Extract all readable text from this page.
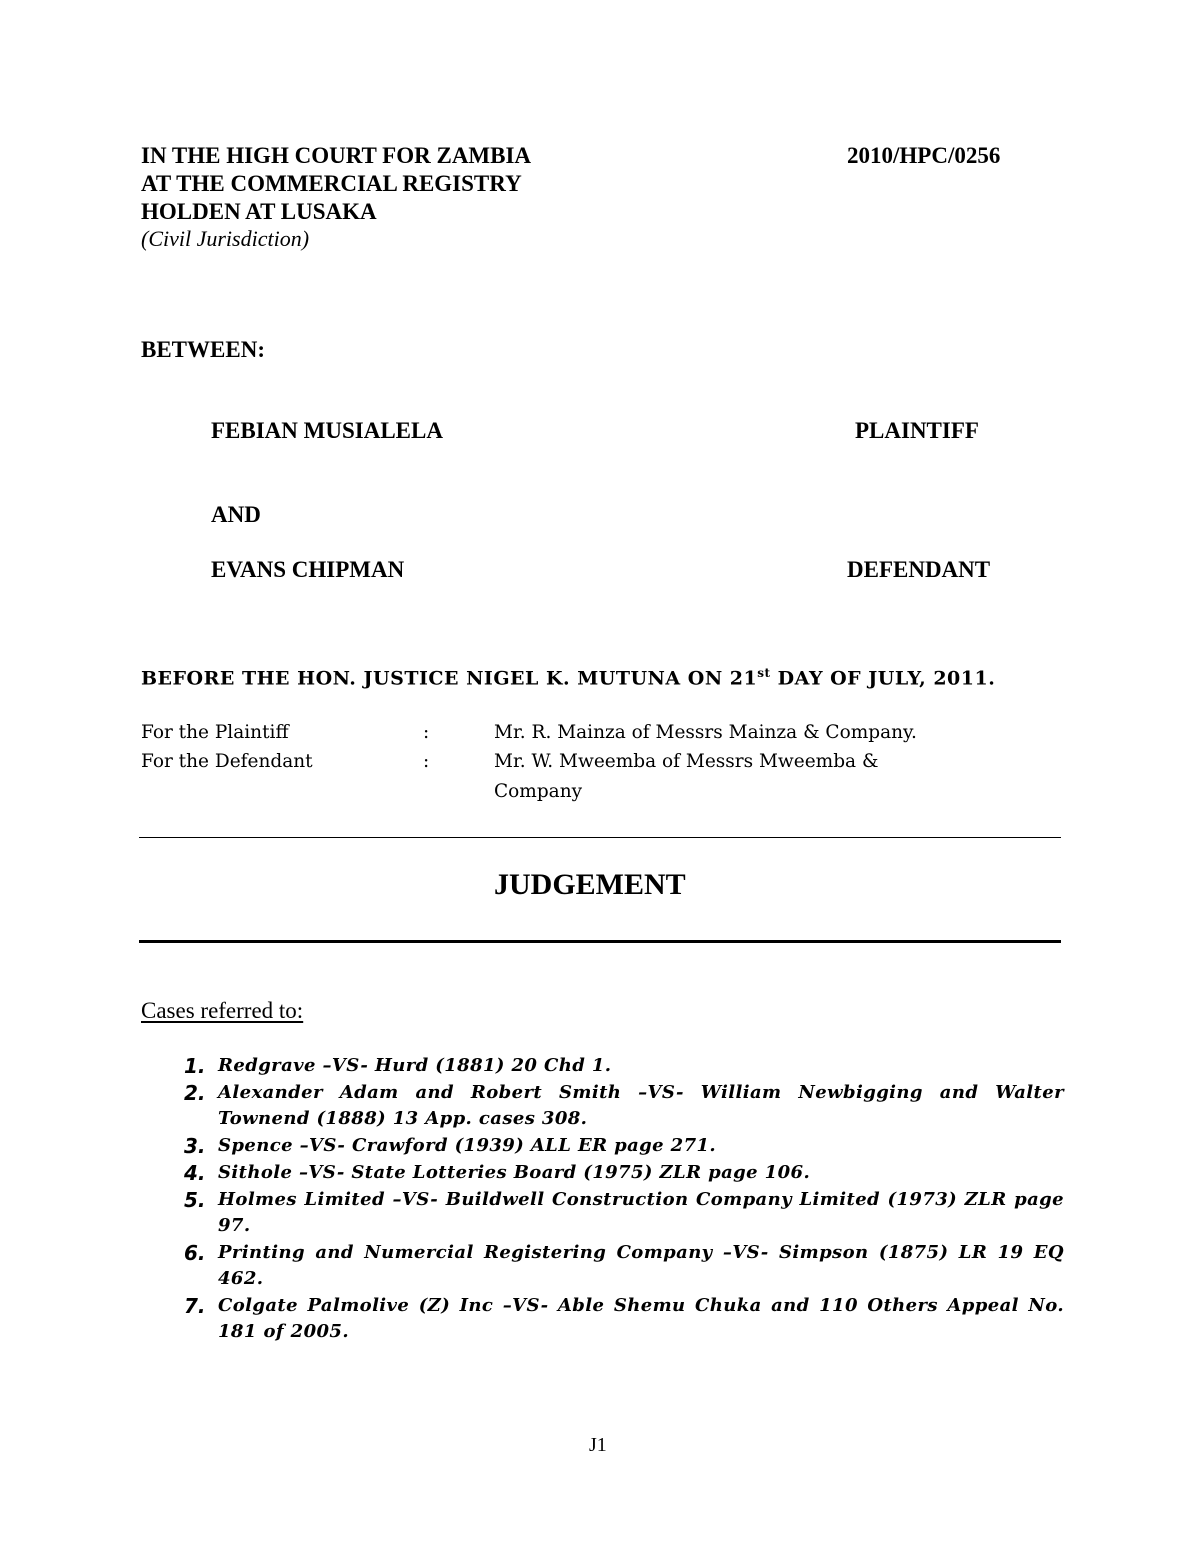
IN THE HIGH COURT FOR ZAMBIA
AT THE COMMERCIAL REGISTRY
HOLDEN AT LUSAKA
(Civil Jurisdiction)
2010/HPC/0256
BETWEEN:
FEBIAN MUSIALELA	PLAINTIFF
AND
EVANS CHIPMAN	DEFENDANT
BEFORE THE HON. JUSTICE NIGEL K. MUTUNA ON 21st DAY OF JULY, 2011.
For the Plaintiff	:	Mr. R. Mainza of Messrs Mainza & Company.
For the Defendant	:	Mr. W. Mweemba of Messrs Mweemba &
Company
JUDGEMENT
Cases referred to:
1. Redgrave –VS- Hurd (1881) 20 Chd 1.
2. Alexander Adam and Robert Smith –VS- William Newbigging and Walter Townend (1888) 13 App. cases 308.
3. Spence –VS- Crawford (1939) ALL ER page 271.
4. Sithole –VS- State Lotteries Board (1975) ZLR page 106.
5. Holmes Limited –VS- Buildwell Construction Company Limited (1973) ZLR page 97.
6. Printing and Numercial Registering Company –VS- Simpson (1875) LR 19 EQ 462.
7. Colgate Palmolive (Z) Inc –VS- Able Shemu Chuka and 110 Others Appeal No. 181 of 2005.
J1
